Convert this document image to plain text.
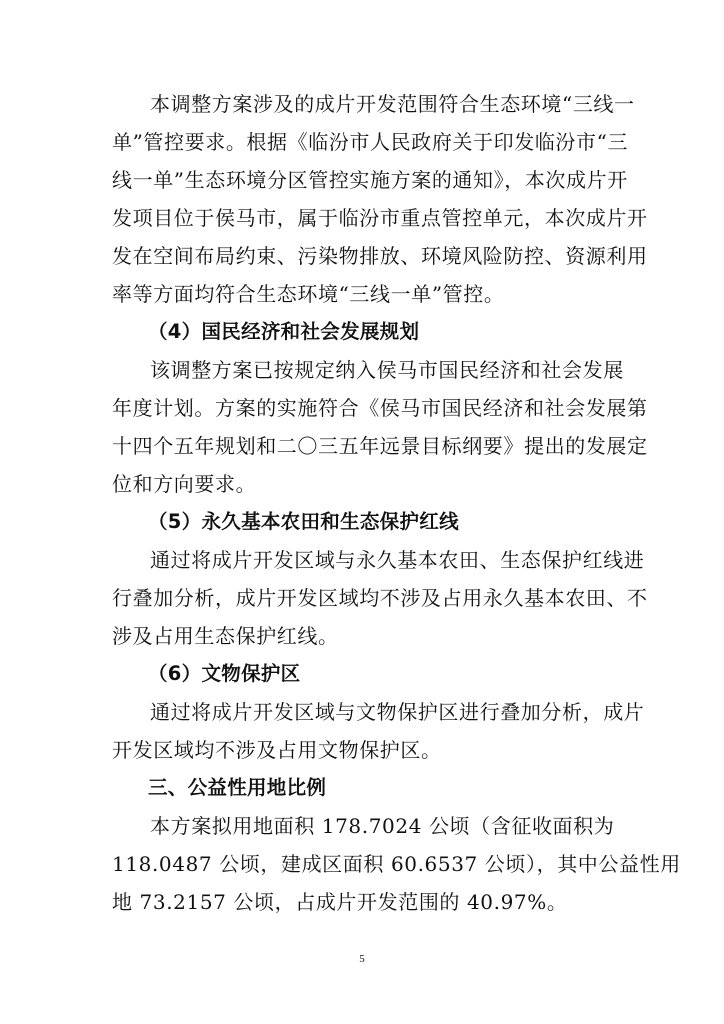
本调整方案涉及的成片开发范围符合生态环境“三线一
单”管控要求。根据《临汾市人民政府关于印发临汾市“三
线一单”生态环境分区管控实施方案的通知》，本次成片开
发项目位于侯马市，属于临汾市重点管控单元，本次成片开
发在空间布局约束、污染物排放、环境风险防控、资源利用
率等方面均符合生态环境“三线一单”管控。
（4）国民经济和社会发展规划
该调整方案已按规定纳入侯马市国民经济和社会发展
年度计划。方案的实施符合《侯马市国民经济和社会发展第
十四个五年规划和二〇三五年远景目标纲要》提出的发展定
位和方向要求。
（5）永久基本农田和生态保护红线
通过将成片开发区域与永久基本农田、生态保护红线进
行叠加分析，成片开发区域均不涉及占用永久基本农田、不
涉及占用生态保护红线。
（6）文物保护区
通过将成片开发区域与文物保护区进行叠加分析，成片
开发区域均不涉及占用文物保护区。
三、公益性用地比例
本方案拟用地面积 178.7024 公顷（含征收面积为
118.0487 公顷，建成区面积 60.6537 公顷），其中公益性用
地 73.2157 公顷，占成片开发范围的 40.97%。
5
